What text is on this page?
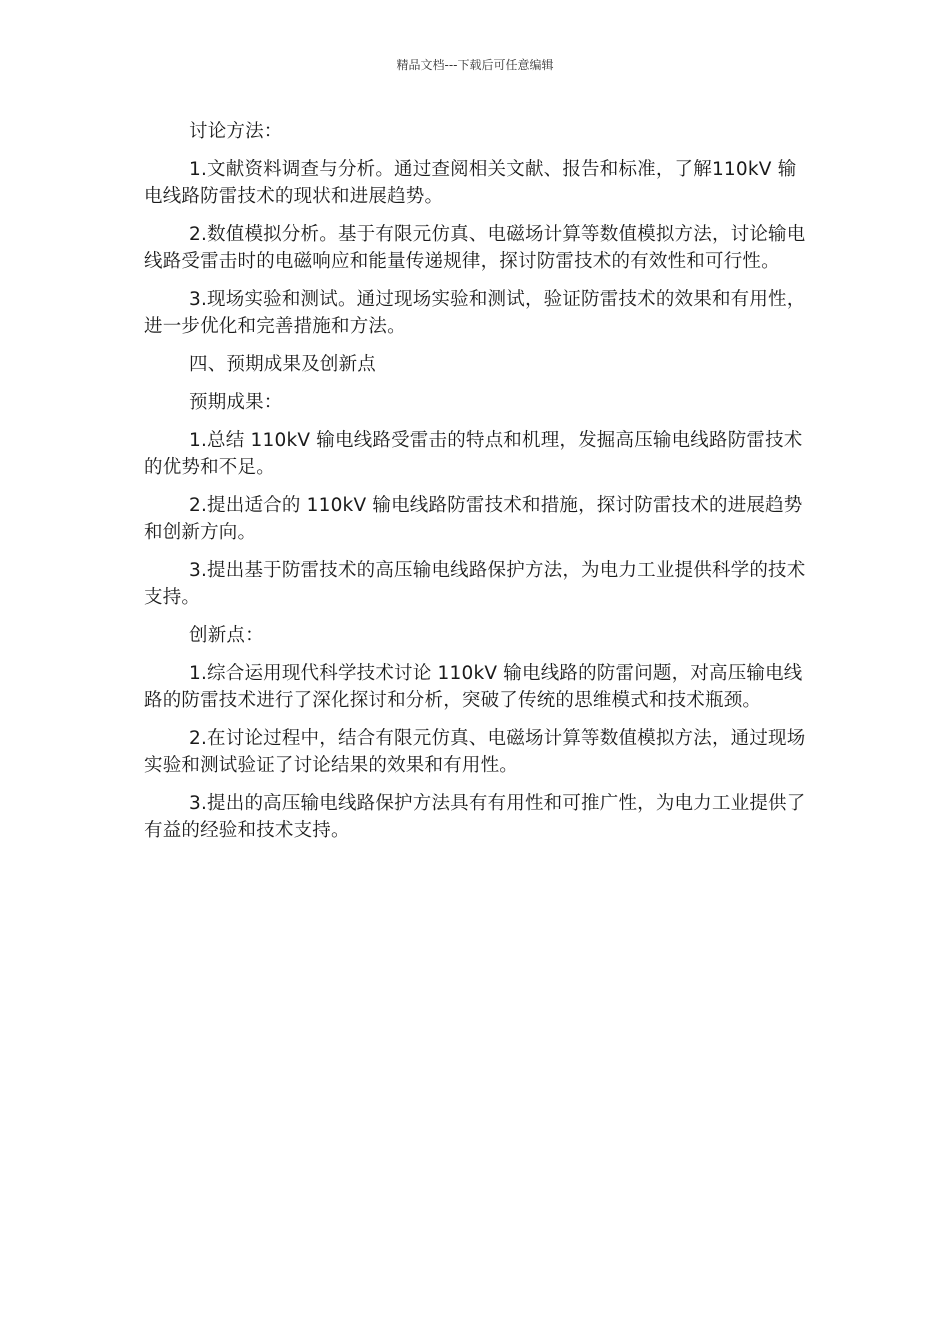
精品文档---下载后可任意编辑

讨论方法：

1.文献资料调查与分析。通过查阅相关文献、报告和标准，了解110kV 输电线路防雷技术的现状和进展趋势。

2.数值模拟分析。基于有限元仿真、电磁场计算等数值模拟方法，讨论输电线路受雷击时的电磁响应和能量传递规律，探讨防雷技术的有效性和可行性。

3.现场实验和测试。通过现场实验和测试，验证防雷技术的效果和有用性，进一步优化和完善措施和方法。

四、预期成果及创新点

预期成果：

1.总结 110kV 输电线路受雷击的特点和机理，发掘高压输电线路防雷技术的优势和不足。

2.提出适合的 110kV 输电线路防雷技术和措施，探讨防雷技术的进展趋势和创新方向。

3.提出基于防雷技术的高压输电线路保护方法，为电力工业提供科学的技术支持。

创新点：

1.综合运用现代科学技术讨论 110kV 输电线路的防雷问题，对高压输电线路的防雷技术进行了深化探讨和分析，突破了传统的思维模式和技术瓶颈。

2.在讨论过程中，结合有限元仿真、电磁场计算等数值模拟方法，通过现场实验和测试验证了讨论结果的效果和有用性。

3.提出的高压输电线路保护方法具有有用性和可推广性，为电力工业提供了有益的经验和技术支持。
